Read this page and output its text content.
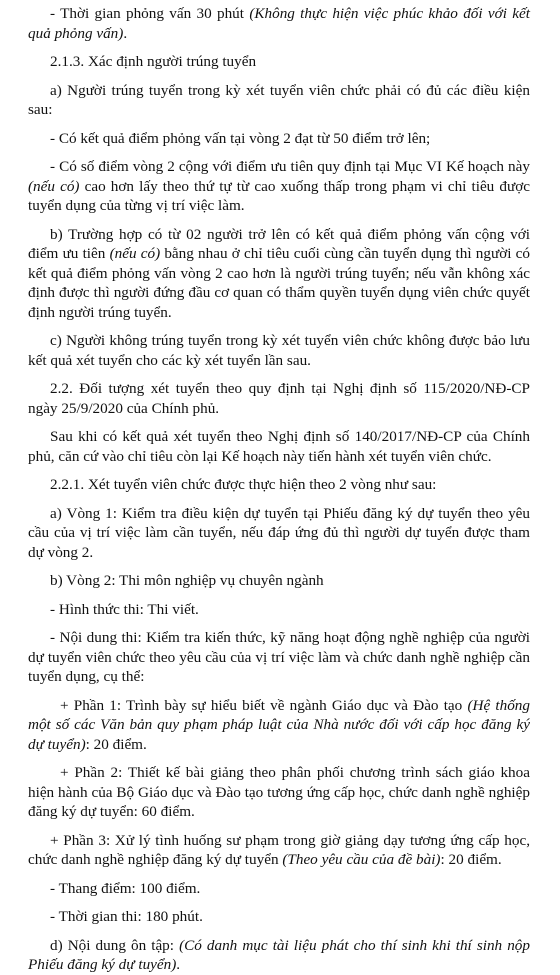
- Thời gian phỏng vấn 30 phút (Không thực hiện việc phúc khảo đối với kết quả phỏng vấn).

2.1.3. Xác định người trúng tuyển

a) Người trúng tuyển trong kỳ xét tuyển viên chức phải có đủ các điều kiện sau:

- Có kết quả điểm phỏng vấn tại vòng 2 đạt từ 50 điểm trở lên;

- Có số điểm vòng 2 cộng với điểm ưu tiên quy định tại Mục VI Kế hoạch này (nếu có) cao hơn lấy theo thứ tự từ cao xuống thấp trong phạm vi chỉ tiêu được tuyển dụng của từng vị trí việc làm.

b) Trường hợp có từ 02 người trở lên có kết quả điểm phỏng vấn cộng với điểm ưu tiên (nếu có) bằng nhau ở chỉ tiêu cuối cùng cần tuyển dụng thì người có kết quả điểm phỏng vấn vòng 2 cao hơn là người trúng tuyển; nếu vẫn không xác định được thì người đứng đầu cơ quan có thẩm quyền tuyển dụng viên chức quyết định người trúng tuyển.

c) Người không trúng tuyển trong kỳ xét tuyển viên chức không được bảo lưu kết quả xét tuyển cho các kỳ xét tuyển lần sau.

2.2. Đối tượng xét tuyển theo quy định tại Nghị định số 115/2020/NĐ-CP ngày 25/9/2020 của Chính phủ.

Sau khi có kết quả xét tuyển theo Nghị định số 140/2017/NĐ-CP của Chính phủ, căn cứ vào chỉ tiêu còn lại Kế hoạch này tiến hành xét tuyển viên chức.

2.2.1. Xét tuyển viên chức được thực hiện theo 2 vòng như sau:

a) Vòng 1: Kiểm tra điều kiện dự tuyển tại Phiếu đăng ký dự tuyển theo yêu cầu của vị trí việc làm cần tuyển, nếu đáp ứng đủ thì người dự tuyển được tham dự vòng 2.

b) Vòng 2: Thi môn nghiệp vụ chuyên ngành

- Hình thức thi: Thi viết.

- Nội dung thi: Kiểm tra kiến thức, kỹ năng hoạt động nghề nghiệp của người dự tuyển viên chức theo yêu cầu của vị trí việc làm và chức danh nghề nghiệp cần tuyển dụng, cụ thể:

+ Phần 1: Trình bày sự hiểu biết về ngành Giáo dục và Đào tạo (Hệ thống một số các Văn bản quy phạm pháp luật của Nhà nước đối với cấp học đăng ký dự tuyển): 20 điểm.

+ Phần 2: Thiết kế bài giảng theo phân phối chương trình sách giáo khoa hiện hành của Bộ Giáo dục và Đào tạo tương ứng cấp học, chức danh nghề nghiệp đăng ký dự tuyển: 60 điểm.

+ Phần 3: Xử lý tình huống sư phạm trong giờ giảng dạy tương ứng cấp học, chức danh nghề nghiệp đăng ký dự tuyển (Theo yêu cầu của đề bài): 20 điểm.

- Thang điểm: 100 điểm.

- Thời gian thi: 180 phút.

d) Nội dung ôn tập: (Có danh mục tài liệu phát cho thí sinh khi thí sinh nộp Phiếu đăng ký dự tuyển).
